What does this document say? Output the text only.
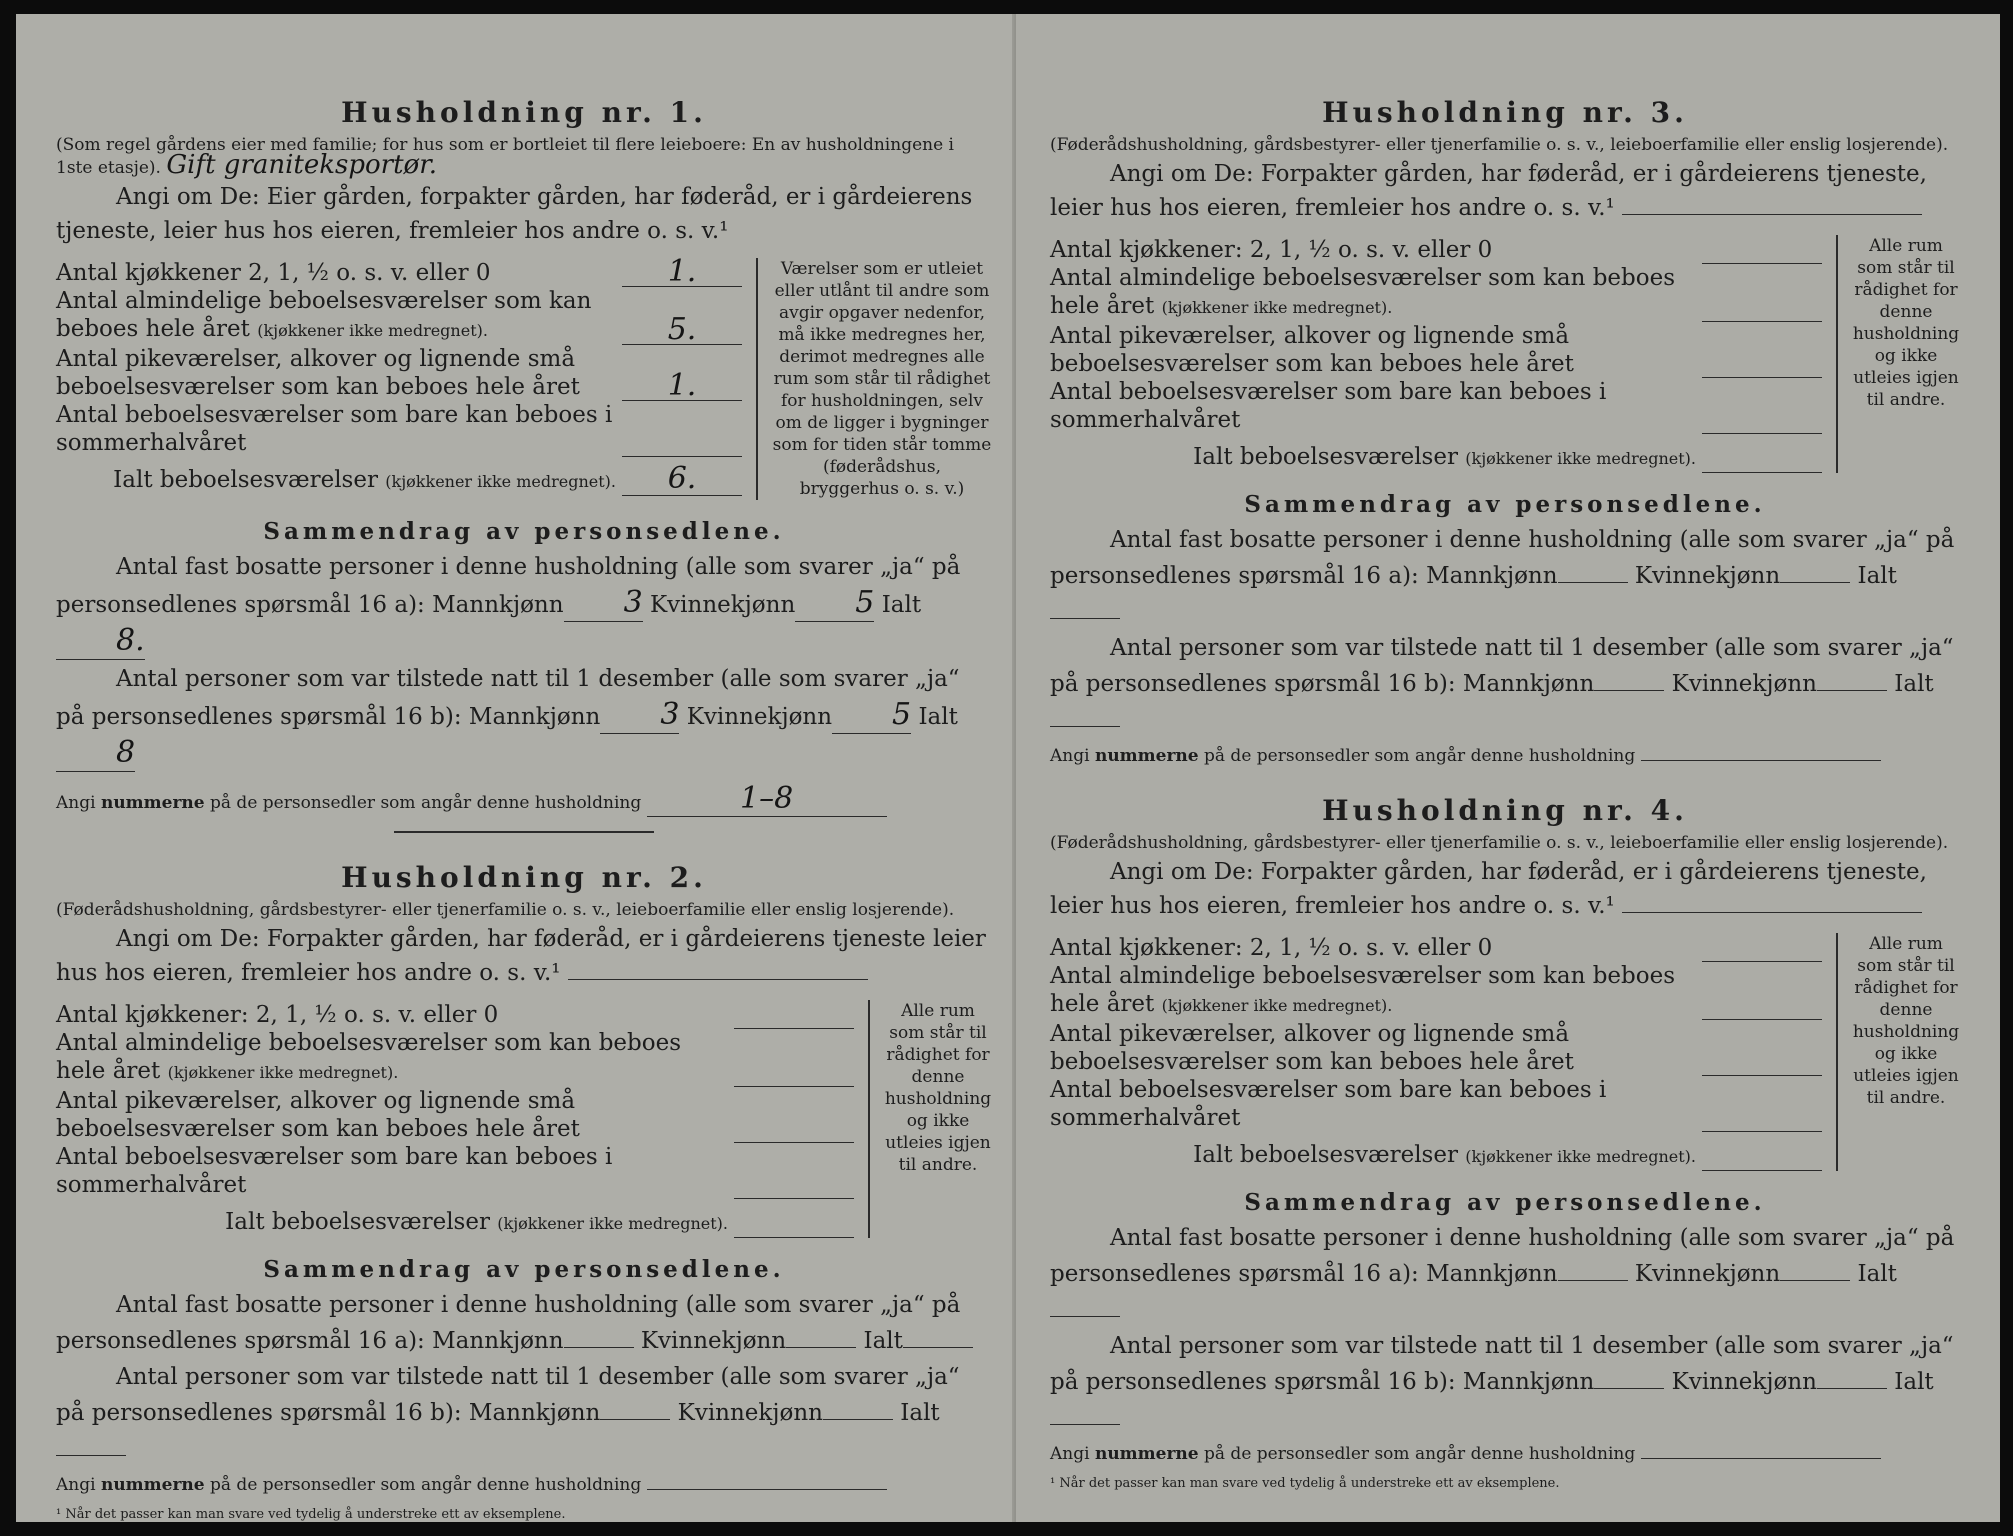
Husholdning nr. 1.
(Som regel gårdens eier med familie; for hus som er bortleiet til flere leieboere: En av husholdningene i 1ste etasje). Gift graniteksportør.
Angi om De: Eier gården, forpakter gården, har føderåd, er i gårdeierens tjeneste, leier hus hos eieren, fremleier hos andre o. s. v.¹
Antal kjøkkener 2, 1, ½ o. s. v. eller 0	1.
Antal almindelige beboelsesværelser som kan beboes hele året (kjøkkener ikke medregnet).	5.
Antal pikeværelser, alkover og lignende små beboelsesværelser som kan beboes hele året	1.
Antal beboelsesværelser som bare kan beboes i sommerhalvåret
Ialt beboelsesværelser (kjøkkener ikke medregnet).	6.
Værelser som er utleiet eller utlånt til andre som avgir opgaver nedenfor, må ikke medregnes her, derimot medregnes alle rum som står til rådighet for husholdningen, selv om de ligger i bygninger som for tiden står tomme (føderådshus, bryggerhus o. s. v.)
Sammendrag av personsedlene.
Antal fast bosatte personer i denne husholdning (alle som svarer „ja“ på personsedlenes spørsmål 16 a): Mannkjønn 3 Kvinnekjønn 5 Ialt8.
Antal personer som var tilstede natt til 1 desember (alle som svarer „ja“ på personsedlenes spørsmål 16 b): Mannkjønn 3 Kvinnekjønn 5 Ialt8
Angi nummerne på de personsedler som angår denne husholdning	1–8
Husholdning nr. 2.
(Føderådshusholdning, gårdsbestyrer- eller tjenerfamilie o. s. v., leieboerfamilie eller enslig losjerende).
Angi om De: Forpakter gården, har føderåd, er i gårdeierens tjeneste leier hus hos eieren, fremleier hos andre o. s. v.¹
Antal kjøkkener: 2, 1, ½ o. s. v. eller 0
Antal almindelige beboelsesværelser som kan beboes hele året (kjøkkener ikke medregnet).
Antal pikeværelser, alkover og lignende små beboelsesværelser som kan beboes hele året
Antal beboelsesværelser som bare kan beboes i sommerhalvåret
Ialt beboelsesværelser (kjøkkener ikke medregnet).
Alle rum som står til rådighet for denne husholdning og ikke utleies igjen til andre.
Sammendrag av personsedlene.
Antal fast bosatte personer i denne husholdning (alle som svarer „ja“ på personsedlenes spørsmål 16 a): Mannkjønn	Kvinnekjønn	Ialt
Antal personer som var tilstede natt til 1 desember (alle som svarer „ja“ på personsedlenes spørsmål 16 b): Mannkjønn	Kvinnekjønn	Ialt
Angi nummerne på de personsedler som angår denne husholdning
¹ Når det passer kan man svare ved tydelig å understreke ett av eksemplene.
Husholdning nr. 3.
(Føderådshusholdning, gårdsbestyrer- eller tjenerfamilie o. s. v., leieboerfamilie eller enslig losjerende).
Angi om De: Forpakter gården, har føderåd, er i gårdeierens tjeneste, leier hus hos eieren, fremleier hos andre o. s. v.¹
Antal kjøkkener: 2, 1, ½ o. s. v. eller 0
Antal almindelige beboelsesværelser som kan beboes hele året (kjøkkener ikke medregnet).
Antal pikeværelser, alkover og lignende små beboelsesværelser som kan beboes hele året
Antal beboelsesværelser som bare kan beboes i sommerhalvåret
Ialt beboelsesværelser (kjøkkener ikke medregnet).
Alle rum som står til rådighet for denne husholdning og ikke utleies igjen til andre.
Sammendrag av personsedlene.
Antal fast bosatte personer i denne husholdning (alle som svarer „ja“ på personsedlenes spørsmål 16 a): Mannkjønn	Kvinnekjønn	Ialt
Antal personer som var tilstede natt til 1 desember (alle som svarer „ja“ på personsedlenes spørsmål 16 b): Mannkjønn	Kvinnekjønn	Ialt
Angi nummerne på de personsedler som angår denne husholdning
Husholdning nr. 4.
(Føderådshusholdning, gårdsbestyrer- eller tjenerfamilie o. s. v., leieboerfamilie eller enslig losjerende).
Angi om De: Forpakter gården, har føderåd, er i gårdeierens tjeneste, leier hus hos eieren, fremleier hos andre o. s. v.¹
Antal kjøkkener: 2, 1, ½ o. s. v. eller 0
Antal almindelige beboelsesværelser som kan beboes hele året (kjøkkener ikke medregnet).
Antal pikeværelser, alkover og lignende små beboelsesværelser som kan beboes hele året
Antal beboelsesværelser som bare kan beboes i sommerhalvåret
Ialt beboelsesværelser (kjøkkener ikke medregnet).
Alle rum som står til rådighet for denne husholdning og ikke utleies igjen til andre.
Sammendrag av personsedlene.
Antal fast bosatte personer i denne husholdning (alle som svarer „ja“ på personsedlenes spørsmål 16 a): Mannkjønn	Kvinnekjønn	Ialt
Antal personer som var tilstede natt til 1 desember (alle som svarer „ja“ på personsedlenes spørsmål 16 b): Mannkjønn	Kvinnekjønn	Ialt
Angi nummerne på de personsedler som angår denne husholdning
¹ Når det passer kan man svare ved tydelig å understreke ett av eksemplene.
